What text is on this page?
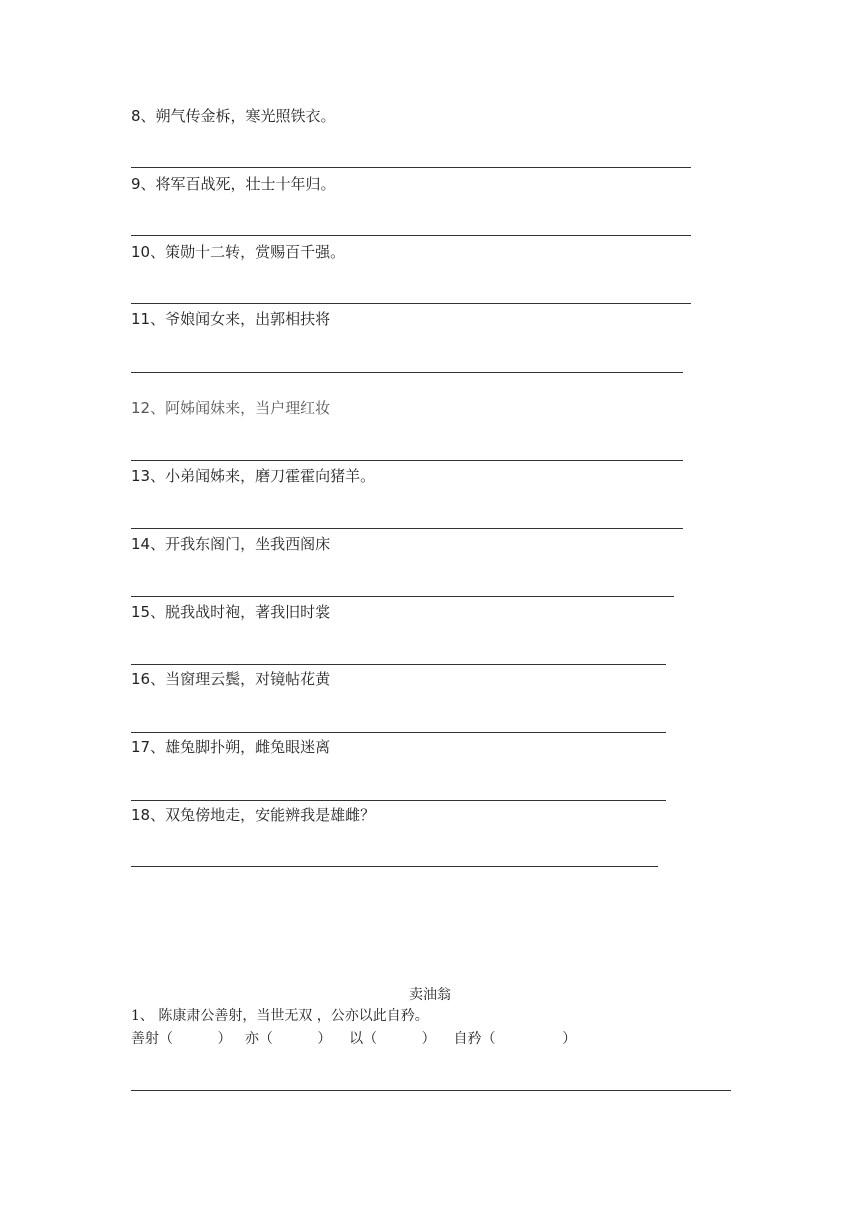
8、朔气传金柝，寒光照铁衣。
9、将军百战死，壮士十年归。
10、策勋十二转，赏赐百千强。
11、爷娘闻女来，出郭相扶将
12、阿姊闻妹来，当户理红妆
13、小弟闻姊来，磨刀霍霍向猪羊。
14、开我东阁门，坐我西阁床
15、脱我战时袍，著我旧时裳
16、当窗理云鬓，对镜帖花黄
17、雄兔脚扑朔，雌兔眼迷离
18、双兔傍地走，安能辨我是雄雌？
卖油翁
1、 陈康肃公善射，当世无双 ，公亦以此自矜。
善射（          ）   亦（          ）    以（          ）    自矜（               ）
